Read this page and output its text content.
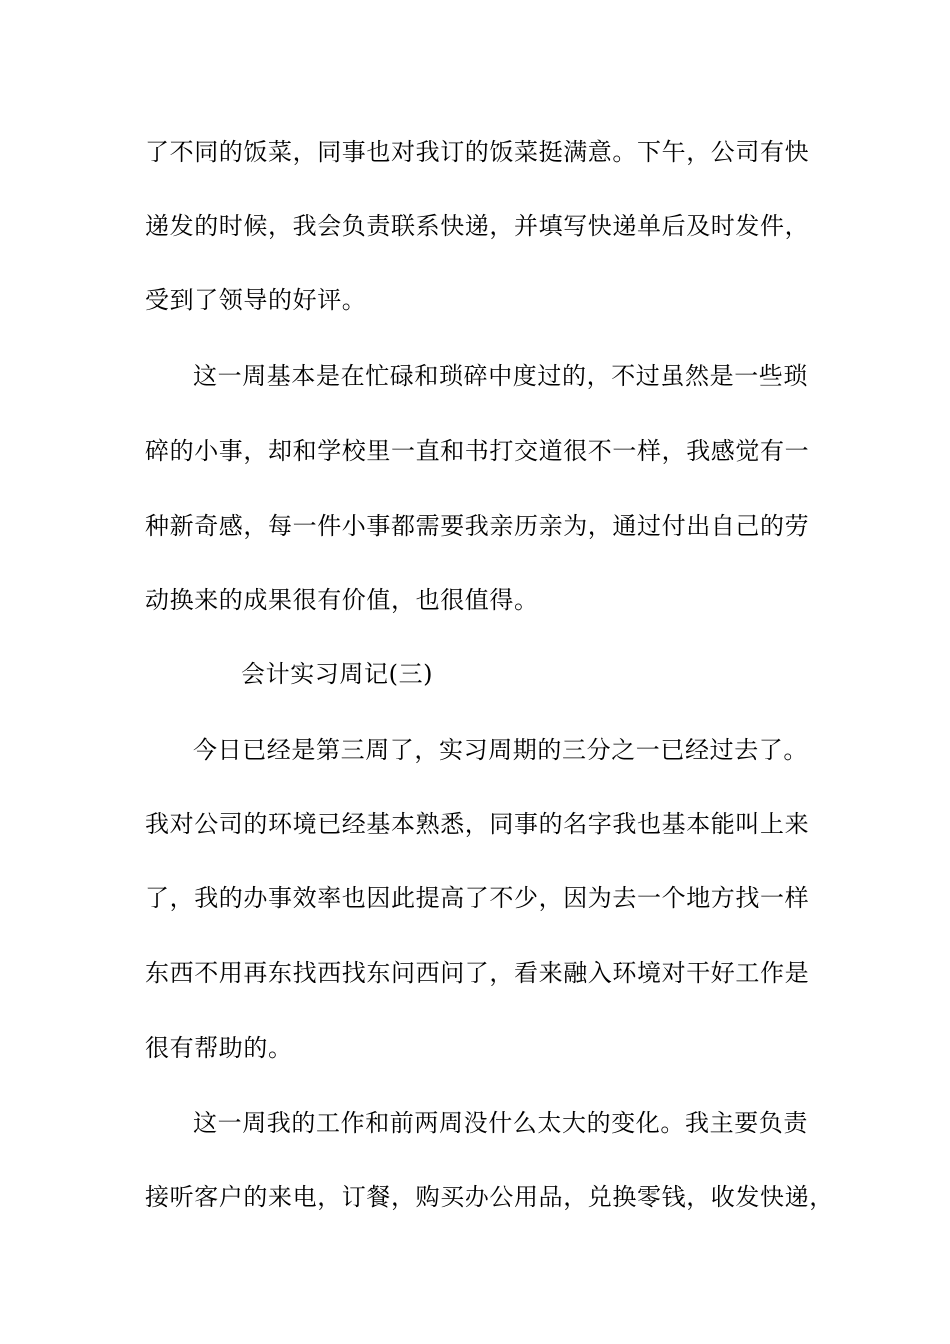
了不同的饭菜，同事也对我订的饭菜挺满意。下午，公司有快
递发的时候，我会负责联系快递，并填写快递单后及时发件，
受到了领导的好评。
这一周基本是在忙碌和琐碎中度过的，不过虽然是一些琐
碎的小事，却和学校里一直和书打交道很不一样，我感觉有一
种新奇感，每一件小事都需要我亲历亲为，通过付出自己的劳
动换来的成果很有价值，也很值得。
会计实习周记(三)
今日已经是第三周了，实习周期的三分之一已经过去了。
我对公司的环境已经基本熟悉，同事的名字我也基本能叫上来
了，我的办事效率也因此提高了不少，因为去一个地方找一样
东西不用再东找西找东问西问了，看来融入环境对干好工作是
很有帮助的。
这一周我的工作和前两周没什么太大的变化。我主要负责
接听客户的来电，订餐，购买办公用品，兑换零钱，收发快递，
